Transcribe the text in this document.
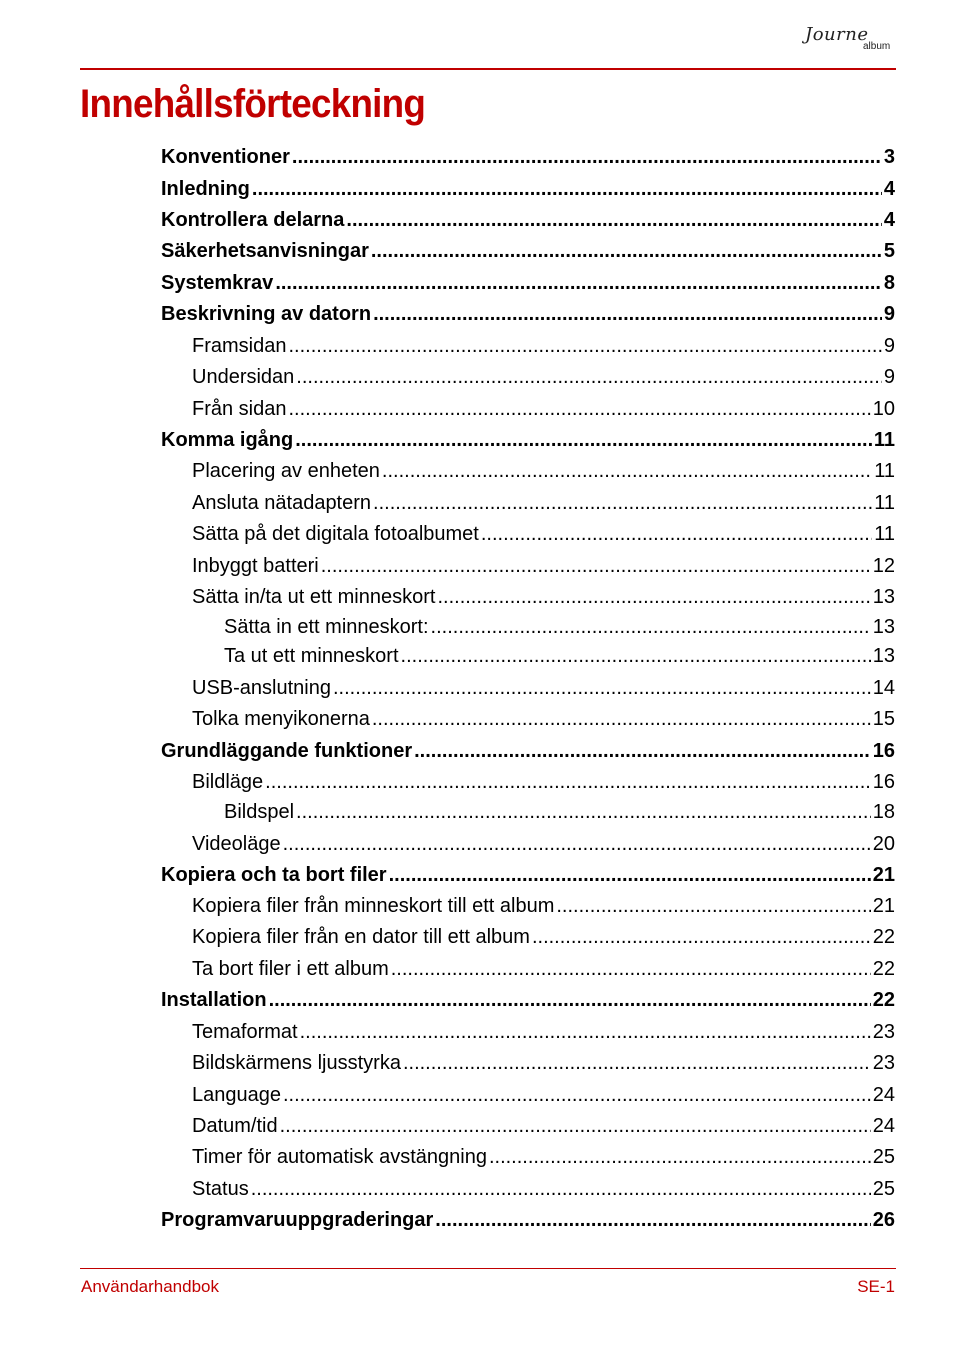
Journe
album
Innehållsförteckning
Konventioner .....	3
Inledning .....	4
Kontrollera delarna .....	4
Säkerhetsanvisningar .....	5
Systemkrav .....	8
Beskrivning av datorn .....	9
Framsidan .....	9
Undersidan .....	9
Från sidan .....	10
Komma igång .....	11
Placering av enheten .....	11
Ansluta nätadaptern .....	11
Sätta på det digitala fotoalbumet .....	11
Inbyggt batteri .....	12
Sätta in/ta ut ett minneskort .....	13
Sätta in ett minneskort: .....	13
Ta ut ett minneskort .....	13
USB-anslutning .....	14
Tolka menyikonerna .....	15
Grundläggande funktioner .....	16
Bildläge .....	16
Bildspel .....	18
Videoläge .....	20
Kopiera och ta bort filer .....	21
Kopiera filer från minneskort till ett album .....	21
Kopiera filer från en dator till ett album .....	22
Ta bort filer i ett album .....	22
Installation .....	22
Temaformat .....	23
Bildskärmens ljusstyrka .....	23
Language .....	24
Datum/tid .....	24
Timer för automatisk avstängning .....	25
Status .....	25
Programvaruuppgraderingar .....	26
Användarhandbok	SE-1
